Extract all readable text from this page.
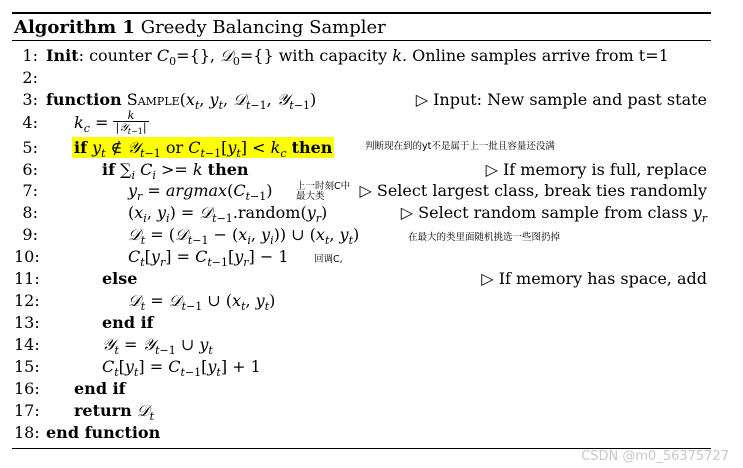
Algorithm 1 Greedy Balancing Sampler
1: Init: counter $C_0=\{\}$, 𝒟$_0$={} with capacity k. Online samples arrive from t=1
2:
3: function $Sample(x_t$, $y_t$, 𝒟$_{t-1}$, 𝒴$_{t-1}$)	▷ Input: New sample and past state
4: $k_c = \frac{k}{|𝒴_{t-1}|}$
5: if $y_t$ ∉ 𝒴$_{t-1}$ or $C_{t-1}[y_t] < k_c$ then	判断现在到的yt不是属于上一批且容量还没满
6:	if $\sum_i$ $C_i >= k$ then	▷ If memory is full, replace
7:	$y_r = argmax(C_{t-1})$ 上一时刻C中
最大类	▷ Select largest class, break ties randomly
8:	($x_i$, $y_i$) = $𝒟_{t-1}.random(y_r)$	▷ Select random sample from class $y_r$
9:	𝒟$_t$ = (𝒟$_{t-1}$ − ($x_i$, $y_i$)) ∪ ($x_t$, $y_t$)	在最大的类里面随机挑选一些图扔掉
10:	$C_t[y_r] = C_{t-1}[y_r] - 1$	回调C,
11:	else	▷ If memory has space, add
12:	𝒟$_t$ = 𝒟$_{t-1}$ ∪ ($x_t$, $y_t$)
13:	end if
14:	𝒴$_t$ = 𝒴$_{t-1}$ ∪ $y_t$
15:	$C_t[y_t] = C_{t-1}[y_t] + 1$
16: end if
17: return 𝒟$_t$
18: end function
CSDN @m0_56375727
